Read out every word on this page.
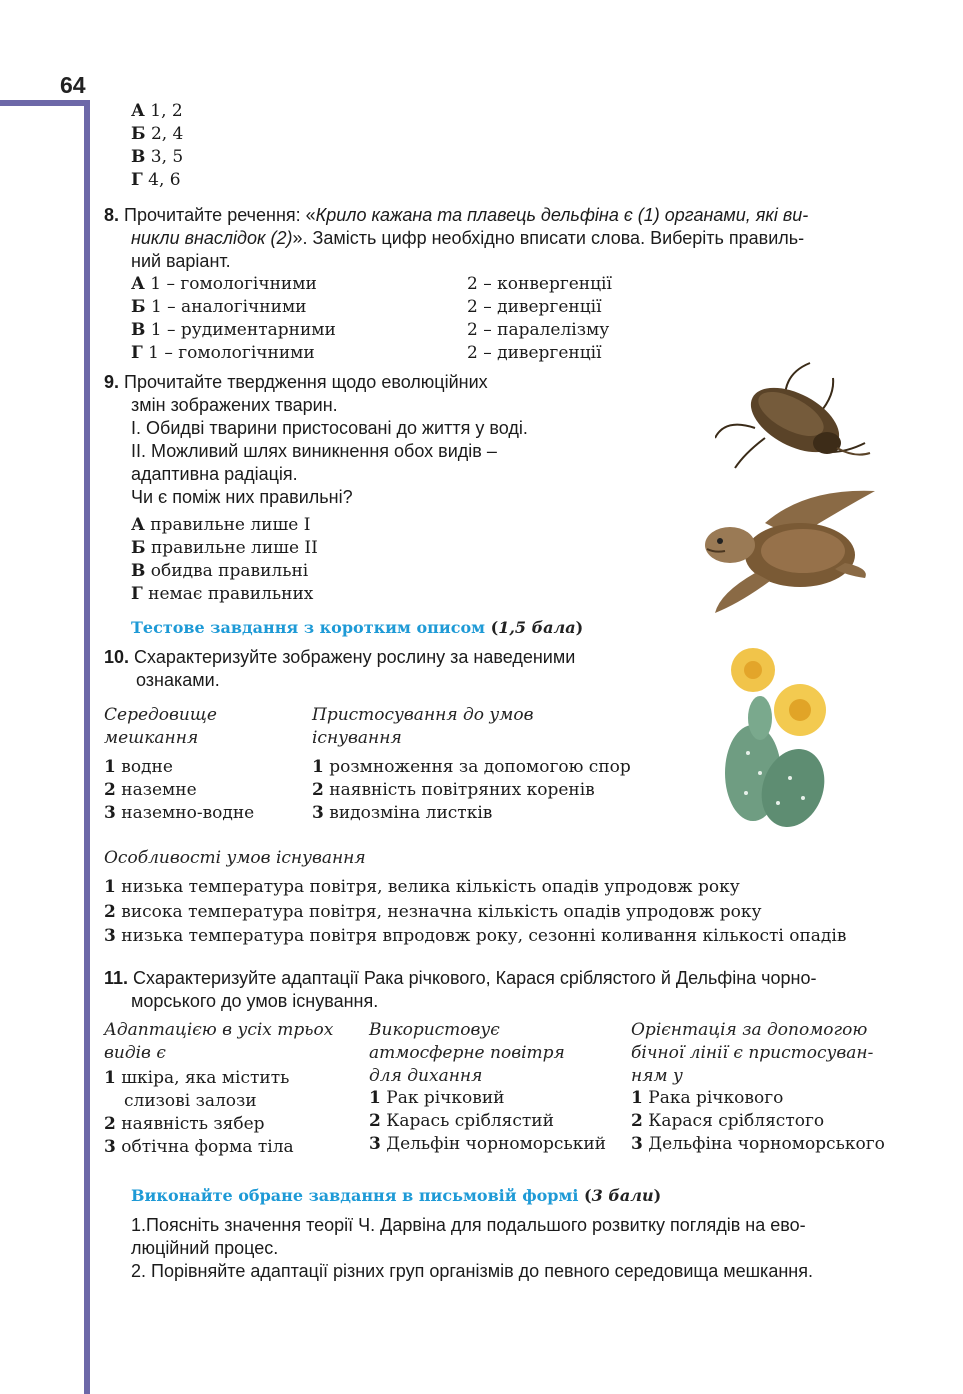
64
А 1, 2
Б 2, 4
В 3, 5
Г 4, 6
8. Прочитайте речення: «Крило кажана та плавець дельфіна є (1) органами, які ви-
никли внаслідок (2)». Замість цифр необхідно вписати слова. Виберіть правиль-
ний варіант.
А 1 – гомологічними
Б 1 – аналогічними
В 1 – рудиментарними
Г 1 – гомологічними
2 – конвергенції
2 – дивергенції
2 – паралелізму
2 – дивергенції
9. Прочитайте твердження щодо еволюційних
змін зображених тварин.
І. Обидві тварини пристосовані до життя у воді.
ІІ. Можливий шлях виникнення обох видів –
адаптивна радіація.
Чи є поміж них правильні?
А правильне лише І
Б правильне лише ІІ
В обидва правильні
Г немає правильних
Тестове завдання з коротким описом (1,5 бала)
10. Схарактеризуйте зображену рослину за наведеними
ознаками.
Середовище
мешкання
Пристосування до умов
існування
1 водне
2 наземне
3 наземно-водне
1 розмноження за допомогою спор
2 наявність повітряних коренів
3 видозміна листків
Особливості умов існування
1 низька температура повітря, велика кількість опадів упродовж року
2 висока температура повітря, незначна кількість опадів упродовж року
3 низька температура повітря впродовж року, сезонні коливання кількості опадів
11. Схарактеризуйте адаптації Рака річкового, Карася сріблястого й Дельфіна чорно-
морського до умов існування.
Адаптацією в усіх трьох
видів є
Використовує
атмосферне повітря
для дихання
Орієнтація за допомогою
бічної лінії є пристосуван-
ням у
1 шкіра, яка містить
слизові залози
2 наявність зябер
3 обтічна форма тіла
1 Рак річковий
2 Карась сріблястий
3 Дельфін чорноморський
1 Рака річкового
2 Карася сріблястого
3 Дельфіна чорноморського
Виконайте обране завдання в письмовій формі (3 бали)
1.Поясніть значення теорії Ч. Дарвіна для подальшого розвитку поглядів на ево-
люційний процес.
2. Порівняйте адаптації різних груп організмів до певного середовища мешкання.
